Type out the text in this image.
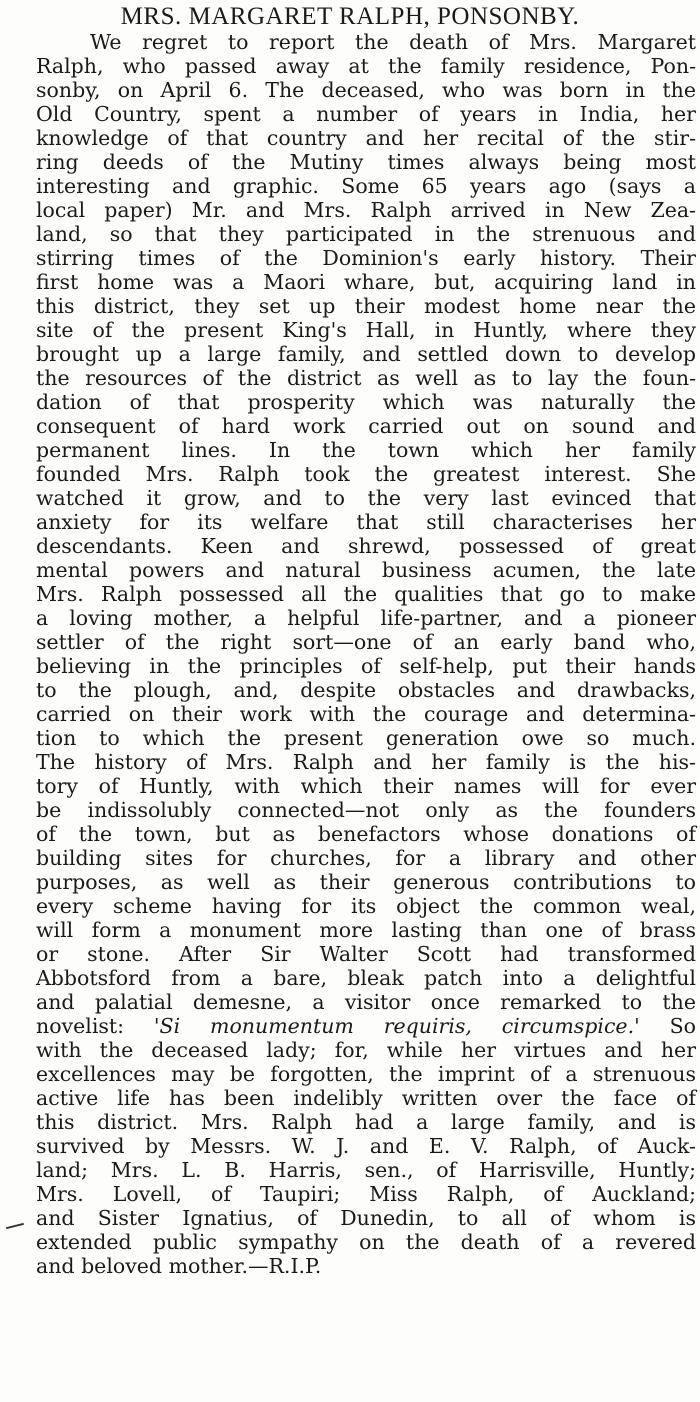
MRS. MARGARET RALPH, PONSONBY.
We regret to report the death of Mrs. Margaret
Ralph, who passed away at the family residence, Pon-
sonby, on April 6. The deceased, who was born in the
Old Country, spent a number of years in India, her
knowledge of that country and her recital of the stir-
ring deeds of the Mutiny times always being most
interesting and graphic. Some 65 years ago (says a
local paper) Mr. and Mrs. Ralph arrived in New Zea-
land, so that they participated in the strenuous and
stirring times of the Dominion's early history. Their
first home was a Maori whare, but, acquiring land in
this district, they set up their modest home near the
site of the present King's Hall, in Huntly, where they
brought up a large family, and settled down to develop
the resources of the district as well as to lay the foun-
dation of that prosperity which was naturally the
consequent of hard work carried out on sound and
permanent lines. In the town which her family
founded Mrs. Ralph took the greatest interest. She
watched it grow, and to the very last evinced that
anxiety for its welfare that still characterises her
descendants. Keen and shrewd, possessed of great
mental powers and natural business acumen, the late
Mrs. Ralph possessed all the qualities that go to make
a loving mother, a helpful life-partner, and a pioneer
settler of the right sort—one of an early band who,
believing in the principles of self-help, put their hands
to the plough, and, despite obstacles and drawbacks,
carried on their work with the courage and determina-
tion to which the present generation owe so much.
The history of Mrs. Ralph and her family is the his-
tory of Huntly, with which their names will for ever
be indissolubly connected—not only as the founders
of the town, but as benefactors whose donations of
building sites for churches, for a library and other
purposes, as well as their generous contributions to
every scheme having for its object the common weal,
will form a monument more lasting than one of brass
or stone. After Sir Walter Scott had transformed
Abbotsford from a bare, bleak patch into a delightful
and palatial demesne, a visitor once remarked to the
novelist: 'Si monumentum requiris, circumspice.' So
with the deceased lady; for, while her virtues and her
excellences may be forgotten, the imprint of a strenuous
active life has been indelibly written over the face of
this district. Mrs. Ralph had a large family, and is
survived by Messrs. W. J. and E. V. Ralph, of Auck-
land; Mrs. L. B. Harris, sen., of Harrisville, Huntly;
Mrs. Lovell, of Taupiri; Miss Ralph, of Auckland;
and Sister Ignatius, of Dunedin, to all of whom is
extended public sympathy on the death of a revered
and beloved mother.—R.I.P.
